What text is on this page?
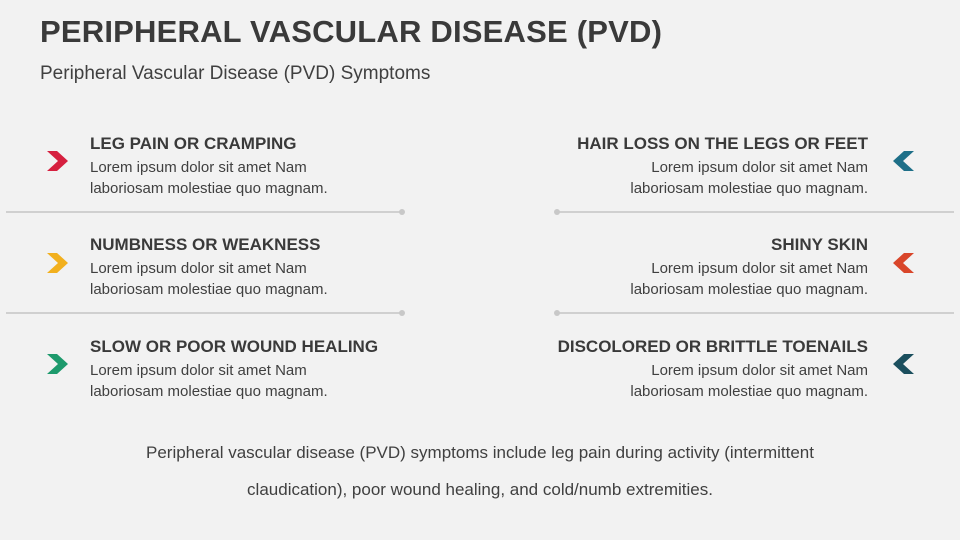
PERIPHERAL VASCULAR DISEASE (PVD)
Peripheral Vascular Disease (PVD) Symptoms
LEG PAIN OR CRAMPING
Lorem ipsum dolor sit amet Nam
laboriosam molestiae quo magnam.
NUMBNESS OR WEAKNESS
Lorem ipsum dolor sit amet Nam
laboriosam molestiae quo magnam.
SLOW OR POOR WOUND HEALING
Lorem ipsum dolor sit amet Nam
laboriosam molestiae quo magnam.
HAIR LOSS ON THE LEGS OR FEET
Lorem ipsum dolor sit amet Nam
laboriosam molestiae quo magnam.
SHINY SKIN
Lorem ipsum dolor sit amet Nam
laboriosam molestiae quo magnam.
DISCOLORED OR BRITTLE TOENAILS
Lorem ipsum dolor sit amet Nam
laboriosam molestiae quo magnam.
Peripheral vascular disease (PVD) symptoms include leg pain during activity (intermittent
claudication), poor wound healing, and cold/numb extremities.
